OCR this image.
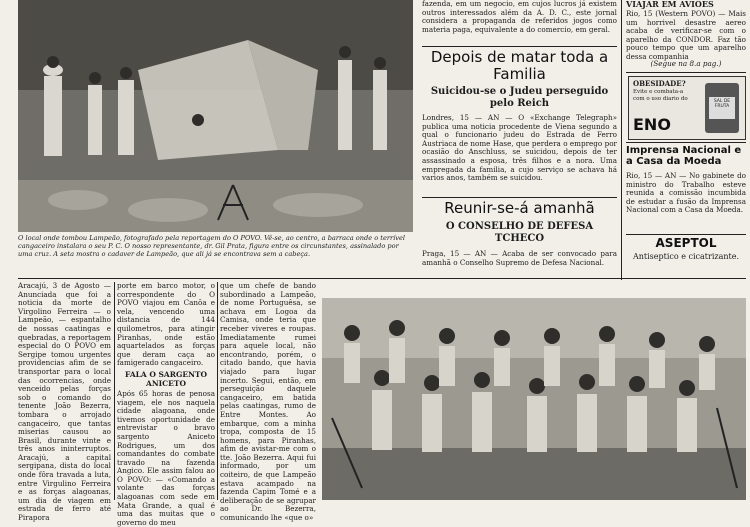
O local onde tombou Lampeão, fotografado pela reportagem do O POVO. Vê-se, ao centro, a barraca onde o terrível cangaceiro instalara o seu P. C. O nosso representante, dr. Gil Prata, figura entre os circunstantes, assinalado por uma cruz. A seta mostra o cadaver de Lampeão, que ali já se encontrava sem a cabeça.
fazenda, em um negocio, em cujos lucros já existem outros interessados além da A. D. C., este jornal considera a propaganda de referidos jogos como materia paga, equivalente a do comercio, em geral.
Depois de matar toda a Familia
Suicidou-se o Judeu perseguido pelo Reich
Londres, 15 — AN — O «Exchange Telegraph» publica uma noticia procedente de Viena segundo a qual o funcionario judeu do Estrada de Ferro Austriaca de nome Hase, que perdera o emprego por ocasião do Anschluss, se suicidou, depois de ter assassinado a esposa, três filhos e a nora. Uma empregada da familia, a cujo serviço se achava há varios anos, também se suicidou.
Reunir-se-á amanhã
O CONSELHO DE DEFESA TCHECO
Praga, 15 — AN — Acaba de ser convocado para amanhã o Conselho Supremo de Defesa Nacional.
VIAJAR EM AVIÕES
Rio, 15 (Western POVO) — Mais um horrivel desastre aereo acaba de verificar-se com o aparelho da CONDOR. Faz tão pouco tempo que um aparelho dessa companhia
(Segue na 8.a pag.)
OBESIDADE?
Evite e combata-a com o uso diario do
ENO
SAL DE FRUTA
Imprensa Nacional e a Casa da Moeda
Rio, 15 — AN — No gabinete do ministro do Trabalho esteve reunida a comissão incumbida de estudar a fusão da Imprensa Nacional com a Casa da Moeda.
ASEPTOL
Antiseptico e cicatrizante.
Aracajú, 3 de Agosto — Anunciada que foi a noticia da morte de Virgolino Ferreira — o Lampeão, — espantalho de nossas caatingas e quebradas, a reportagem especial do O POVO em Sergipe tomou urgentes providencias afim de se transportar para o local das ocorrencias, onde venceido pelas forças sob o comando do tenente João Bezerra, tombara o arrojado cangaceiro, que tantas miserias causou ao Brasil, durante vinte e três anos ininterruptos. Aracajú, a capital sergipana, dista do local onde fôra travada a luta, entre Virgulino Ferreira e as forças alagoanas, um dia de viagem em estrada de ferro até Pirapora
porte em barco motor, o correspondente do O POVO viajou em Canôa e vela, vencendo uma distancia de 144 quilometros, para atingir Piranhas, onde estão aquartelados as forças que deram caça ao famigerado cangaceiro.
FALA O SARGENTO ANICETO
Após 65 horas de penosa viagem, ele nos naquela cidade alagoana, onde tivemos oportunidade de entrevistar o bravo sargento Aniceto Rodrigues, um dos comandantes do combate travado na fazenda Angico. Ele assim falou ao O POVO: — «Comando a volante das forças alagoanas com sede em Mata Grande, a qual é uma das muitas que o governo do meu
que um chefe de bando subordinado a Lampeão, de nome Portuguêsa, se achava em Logoa da Camisa, onde teria que receber viveres e roupas. Imediatamente rumei para aquele local, não encontrando, porém, o citado bando, que havia viajado para lugar incerto. Segui, então, em perseguição daquele cangaceiro, em batida pelas caatingas, rumo de Entre Montes. Ao embarque, com a minha tropa, composta de 15 homens, para Piranhas, afim de avistar-me com o tte. João Bezerra. Aqui fui informado, por um coiteiro, de que Lampeão estava acampado na fazenda Capim Tomé e a deliberação de se agrupar ao Dr. Bezerra, comunicando lhe «que o»
